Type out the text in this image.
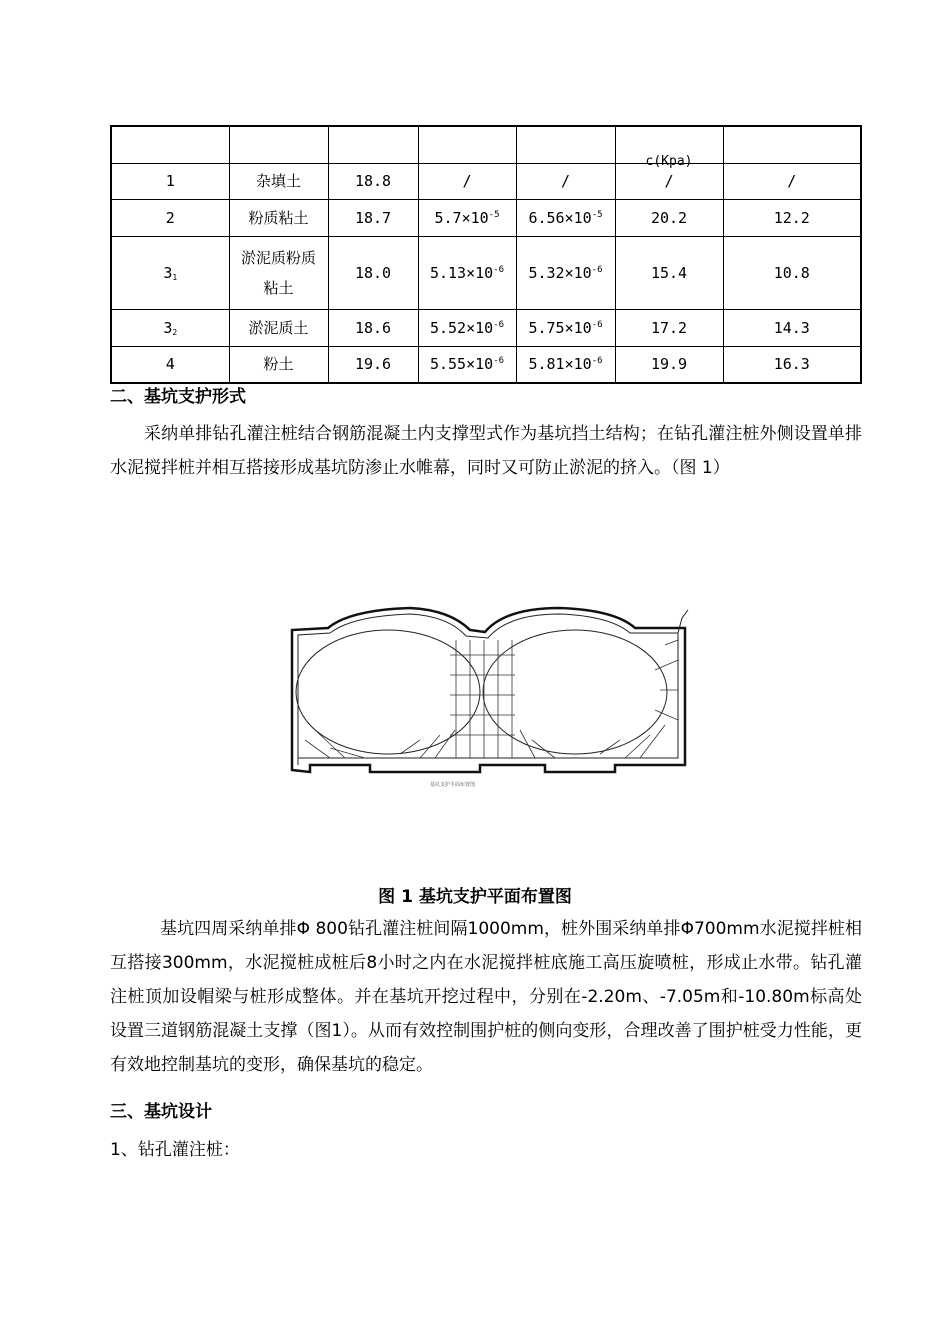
					c(Kpa)	

1	杂填土	18.8	/	/	/	/
2	粉质粘土	18.7	$5.7\times 10^{-5}$	$6.56\times 10^{-5}$	20.2	12.2
$3_1$	淤泥质粉质
粘土	18.0	$5.13\times 10^{-6}$	$5.32\times 10^{-6}$	15.4	10.8
$3_2$	淤泥质土	18.6	$5.52\times 10^{-6}$	$5.75\times 10^{-6}$	17.2	14.3
4	粉土	19.6	$5.55\times 10^{-6}$	$5.81\times 10^{-6}$	19.9	16.3
二、基坑支护形式

采纳单排钻孔灌注桩结合钢筋混凝土内支撑型式作为基坑挡土结构；在钻孔灌注桩外侧设置单排水泥搅拌桩并相互搭接形成基坑防渗止水帷幕，同时又可防止淤泥的挤入。（图 1）

基坑支护平面布置图
图 1 基坑支护平面布置图

基坑四周采纳单排Φ 800钻孔灌注桩间隔1000mm，桩外围采纳单排Φ700mm水泥搅拌桩相互搭接300mm，水泥搅桩成桩后8小时之内在水泥搅拌桩底施工高压旋喷桩，形成止水带。钻孔灌注桩顶加设帽梁与桩形成整体。并在基坑开挖过程中，分别在-2.20m、-7.05m和-10.80m标高处设置三道钢筋混凝土支撑（图1）。从而有效控制围护桩的侧向变形，合理改善了围护桩受力性能，更有效地控制基坑的变形，确保基坑的稳定。

三、基坑设计
1、钻孔灌注桩：
